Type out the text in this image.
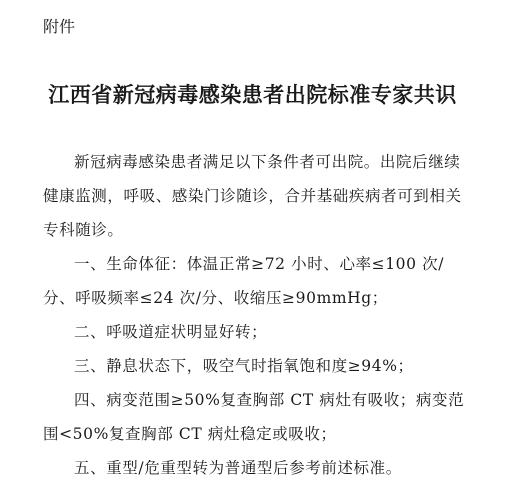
附件
江西省新冠病毒感染患者出院标准专家共识

新冠病毒感染患者满足以下条件者可出院。出院后继续健康监测，呼吸、感染门诊随诊，合并基础疾病者可到相关专科随诊。

一、生命体征：体温正常≥72 小时、心率≤100 次/分、呼吸频率≤24 次/分、收缩压≥90mmHg；

二、呼吸道症状明显好转；

三、静息状态下，吸空气时指氧饱和度≥94%；

四、病变范围≥50%复查胸部 CT 病灶有吸收；病变范围<50%复查胸部 CT 病灶稳定或吸收；

五、重型/危重型转为普通型后参考前述标准。
